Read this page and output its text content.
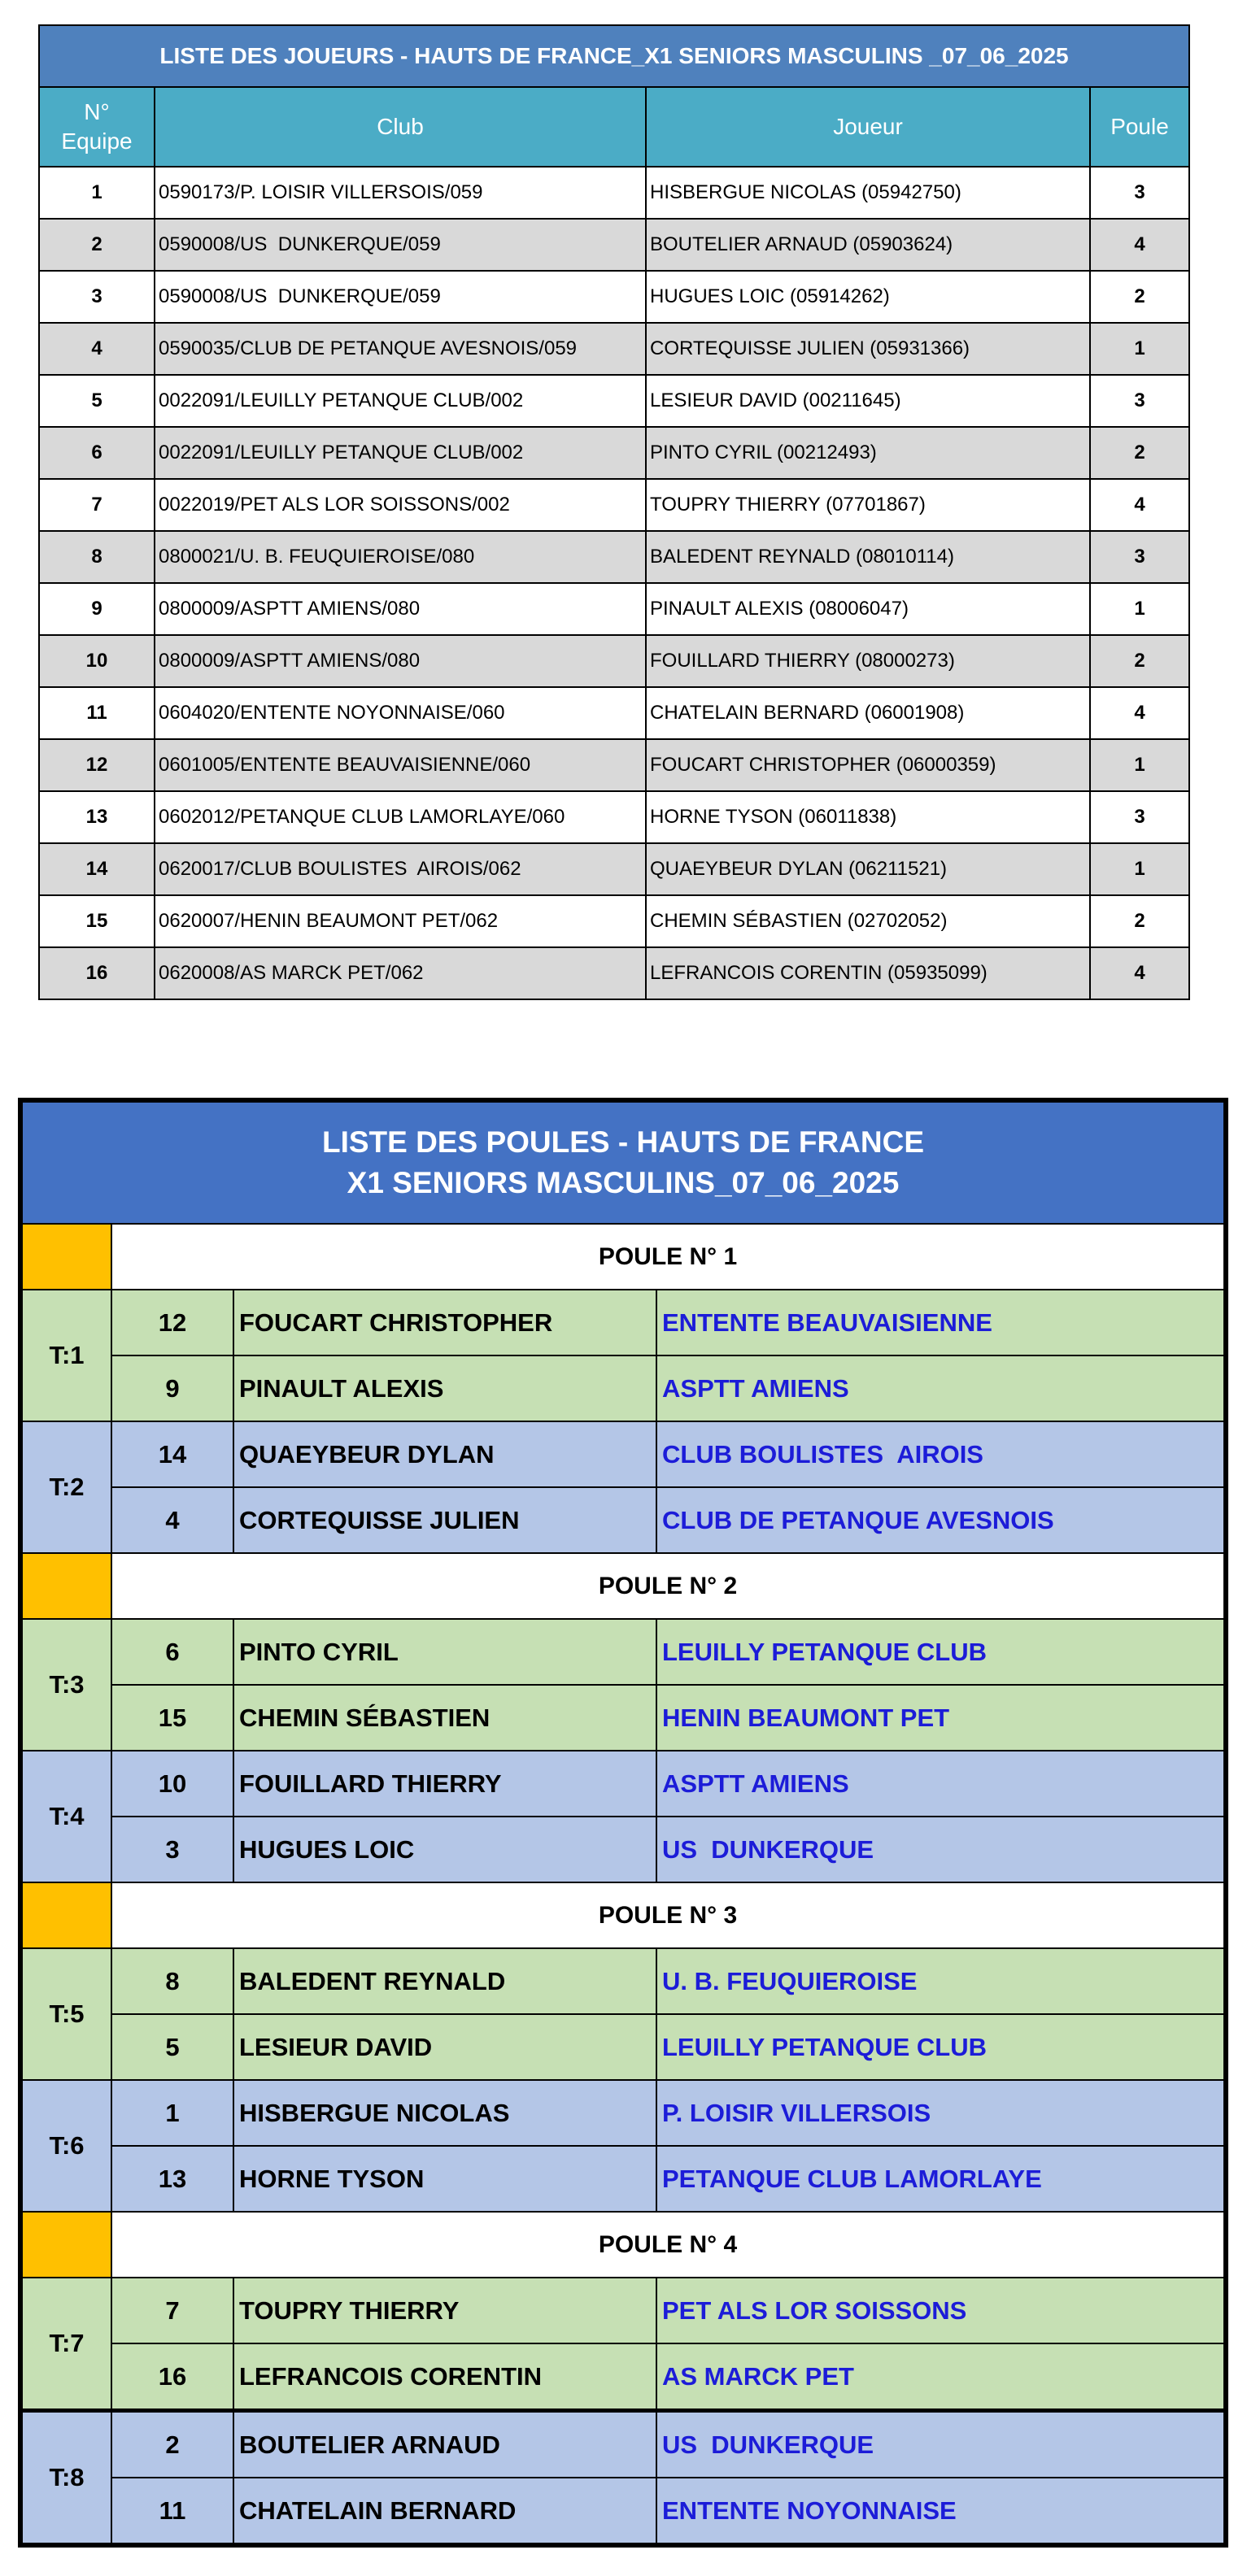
LISTE DES JOUEURS - HAUTS DE FRANCE_X1 SENIORS MASCULINS _07_06_2025			

N°
Equipe	Club	Joueur	Poule
1	0590173/P. LOISIR VILLERSOIS/059	HISBERGUE NICOLAS (05942750)	3
2	0590008/US  DUNKERQUE/059	BOUTELIER ARNAUD (05903624)	4
3	0590008/US  DUNKERQUE/059	HUGUES LOIC (05914262)	2
4	0590035/CLUB DE PETANQUE AVESNOIS/059	CORTEQUISSE JULIEN (05931366)	1
5	0022091/LEUILLY PETANQUE CLUB/002	LESIEUR DAVID (00211645)	3
6	0022091/LEUILLY PETANQUE CLUB/002	PINTO CYRIL (00212493)	2
7	0022019/PET ALS LOR SOISSONS/002	TOUPRY THIERRY (07701867)	4
8	0800021/U. B. FEUQUIEROISE/080	BALEDENT REYNALD (08010114)	3
9	0800009/ASPTT AMIENS/080	PINAULT ALEXIS (08006047)	1
10	0800009/ASPTT AMIENS/080	FOUILLARD THIERRY (08000273)	2
11	0604020/ENTENTE NOYONNAISE/060	CHATELAIN BERNARD (06001908)	4
12	0601005/ENTENTE BEAUVAISIENNE/060	FOUCART CHRISTOPHER (06000359)	1
13	0602012/PETANQUE CLUB LAMORLAYE/060	HORNE TYSON (06011838)	3
14	0620017/CLUB BOULISTES  AIROIS/062	QUAEYBEUR DYLAN (06211521)	1
15	0620007/HENIN BEAUMONT PET/062	CHEMIN SÉBASTIEN (02702052)	2
16	0620008/AS MARCK PET/062	LEFRANCOIS CORENTIN (05935099)	4
LISTE DES POULES - HAUTS DE FRANCE
X1 SENIORS MASCULINS_07_06_2025			

	POULE N° 1		
T:1	12	FOUCART CHRISTOPHER	ENTENTE BEAUVAISIENNE
	9	PINAULT ALEXIS	ASPTT AMIENS
T:2	14	QUAEYBEUR DYLAN	CLUB BOULISTES  AIROIS
	4	CORTEQUISSE JULIEN	CLUB DE PETANQUE AVESNOIS
	POULE N° 2		
T:3	6	PINTO CYRIL	LEUILLY PETANQUE CLUB
	15	CHEMIN SÉBASTIEN	HENIN BEAUMONT PET
T:4	10	FOUILLARD THIERRY	ASPTT AMIENS
	3	HUGUES LOIC	US  DUNKERQUE
	POULE N° 3		
T:5	8	BALEDENT REYNALD	U. B. FEUQUIEROISE
	5	LESIEUR DAVID	LEUILLY PETANQUE CLUB
T:6	1	HISBERGUE NICOLAS	P. LOISIR VILLERSOIS
	13	HORNE TYSON	PETANQUE CLUB LAMORLAYE
	POULE N° 4		
T:7	7	TOUPRY THIERRY	PET ALS LOR SOISSONS
	16	LEFRANCOIS CORENTIN	AS MARCK PET
T:8	2	BOUTELIER ARNAUD	US  DUNKERQUE
	11	CHATELAIN BERNARD	ENTENTE NOYONNAISE
